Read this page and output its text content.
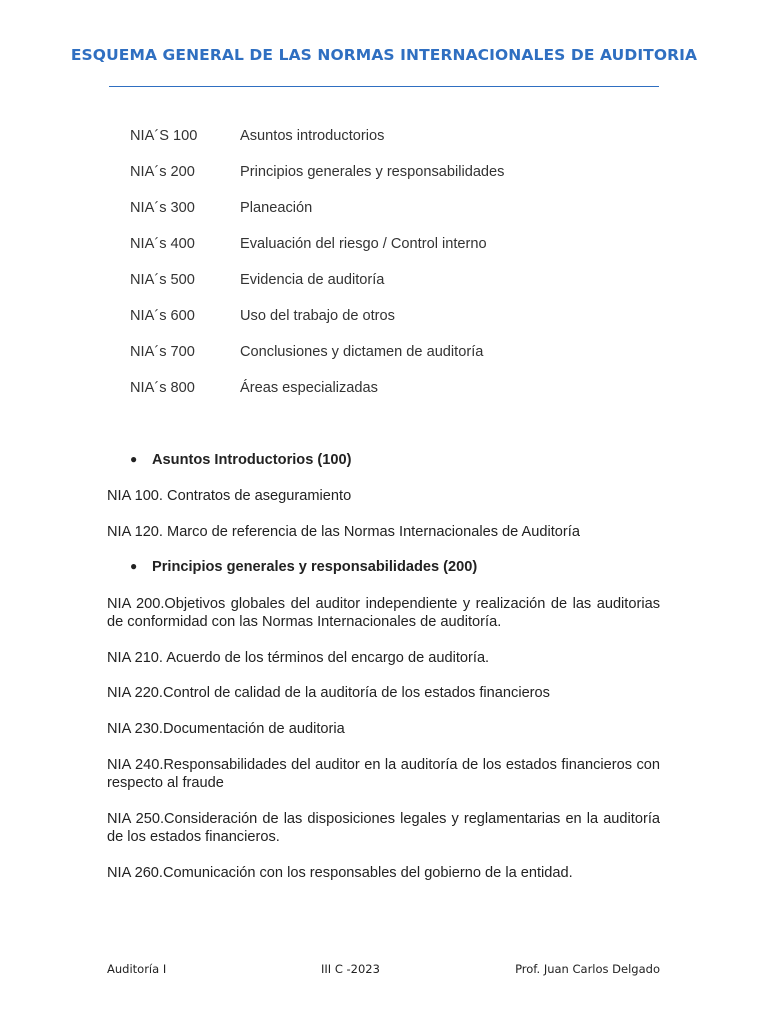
ESQUEMA GENERAL DE LAS NORMAS INTERNACIONALES DE AUDITORIA
NIA´S 100	Asuntos introductorios
NIA´s 200	Principios generales y responsabilidades
NIA´s 300	Planeación
NIA´s 400	Evaluación del riesgo / Control interno
NIA´s 500	Evidencia de auditoría
NIA´s 600	Uso del trabajo de otros
NIA´s 700	Conclusiones y dictamen de auditoría
NIA´s 800	Áreas especializadas
● Asuntos Introductorios (100)
NIA 100. Contratos de aseguramiento
NIA 120. Marco de referencia de las Normas Internacionales de Auditoría
● Principios generales y responsabilidades (200)
NIA 200.Objetivos globales del auditor independiente y realización de las auditorias de conformidad con las Normas Internacionales de auditoría.
NIA 210. Acuerdo de los términos del encargo de auditoría.
NIA 220.Control de calidad de la auditoría de los estados financieros
NIA 230.Documentación de auditoria
NIA 240.Responsabilidades del auditor en la auditoría de los estados financieros con respecto al fraude
NIA 250.Consideración de las disposiciones legales y reglamentarias en la auditoría de los estados financieros.
NIA 260.Comunicación con los responsables del gobierno de la entidad.
Auditoría I	III C -2023	Prof. Juan Carlos Delgado
